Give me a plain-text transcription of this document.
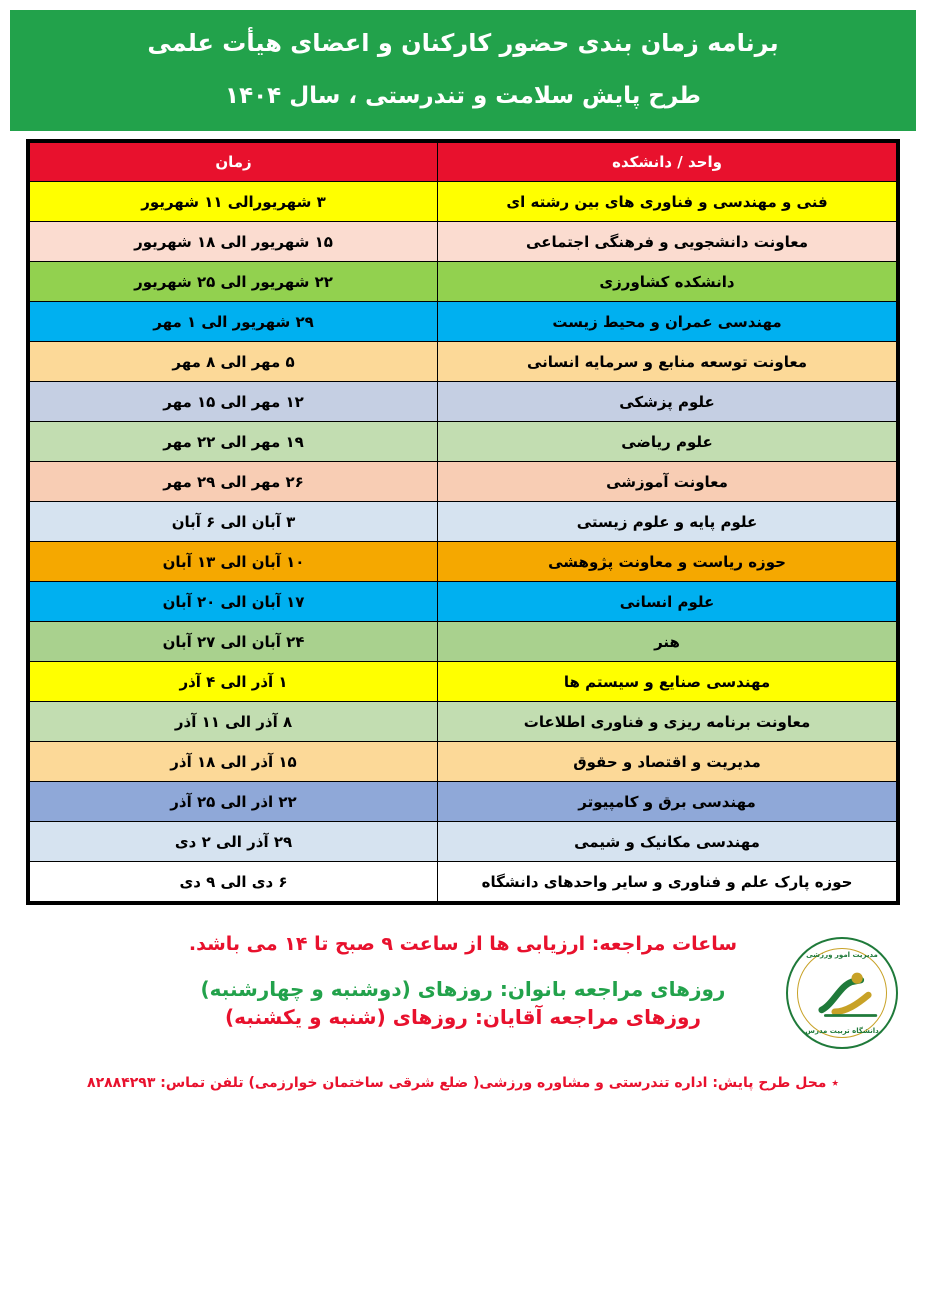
برنامه زمان بندی حضور کارکنان و اعضای هیأت علمی
طرح پایش سلامت و تندرستی ، سال ۱۴۰۴
واحد / دانشکده	زمان
فنی و مهندسی و فناوری های بین رشته ای	۳ شهریورالی ۱۱ شهریور
معاونت دانشجویی و فرهنگی اجتماعی	۱۵ شهریور الی ۱۸ شهریور
دانشکده کشاورزی	۲۲ شهریور الی ۲۵ شهریور
مهندسی عمران و محیط زیست	۲۹ شهریور الی ۱ مهر
معاونت توسعه منابع و سرمایه انسانی	۵ مهر الی ۸ مهر
علوم پزشکی	۱۲ مهر الی ۱۵ مهر
علوم ریاضی	۱۹ مهر الی ۲۲ مهر
معاونت آموزشی	۲۶ مهر الی ۲۹ مهر
علوم پایه و علوم زیستی	۳ آبان الی ۶ آبان
حوزه ریاست و معاونت پژوهشی	۱۰ آبان الی ۱۳ آبان
علوم انسانی	۱۷ آبان الی ۲۰ آبان
هنر	۲۴ آبان الی ۲۷ آبان
مهندسی صنایع و سیستم ها	۱ آذر الی ۴ آذر
معاونت برنامه ریزی و فناوری اطلاعات	۸ آذر الی ۱۱ آذر
مدیریت و اقتصاد و حقوق	۱۵ آذر الی ۱۸ آذر
مهندسی برق و کامپیوتر	۲۲ اذر الی ۲۵ آذر
مهندسی مکانیک و شیمی	۲۹ آذر الی ۲ دی
حوزه پارک علم و فناوری و سایر واحدهای دانشگاه	۶ دی الی ۹ دی
مدیریت امور ورزشی
دانشگاه تربیت مدرس
ساعات مراجعه: ارزیابی ها از ساعت ۹ صبح تا ۱۴ می باشد.
روزهای مراجعه بانوان: روزهای (دوشنبه و چهارشنبه)
روزهای مراجعه آقایان: روزهای (شنبه و یکشنبه)
٭ محل طرح پایش: اداره تندرستی و مشاوره ورزشی( ضلع شرقی ساختمان خوارزمی) تلفن تماس: ۸۲۸۸۴۲۹۳
